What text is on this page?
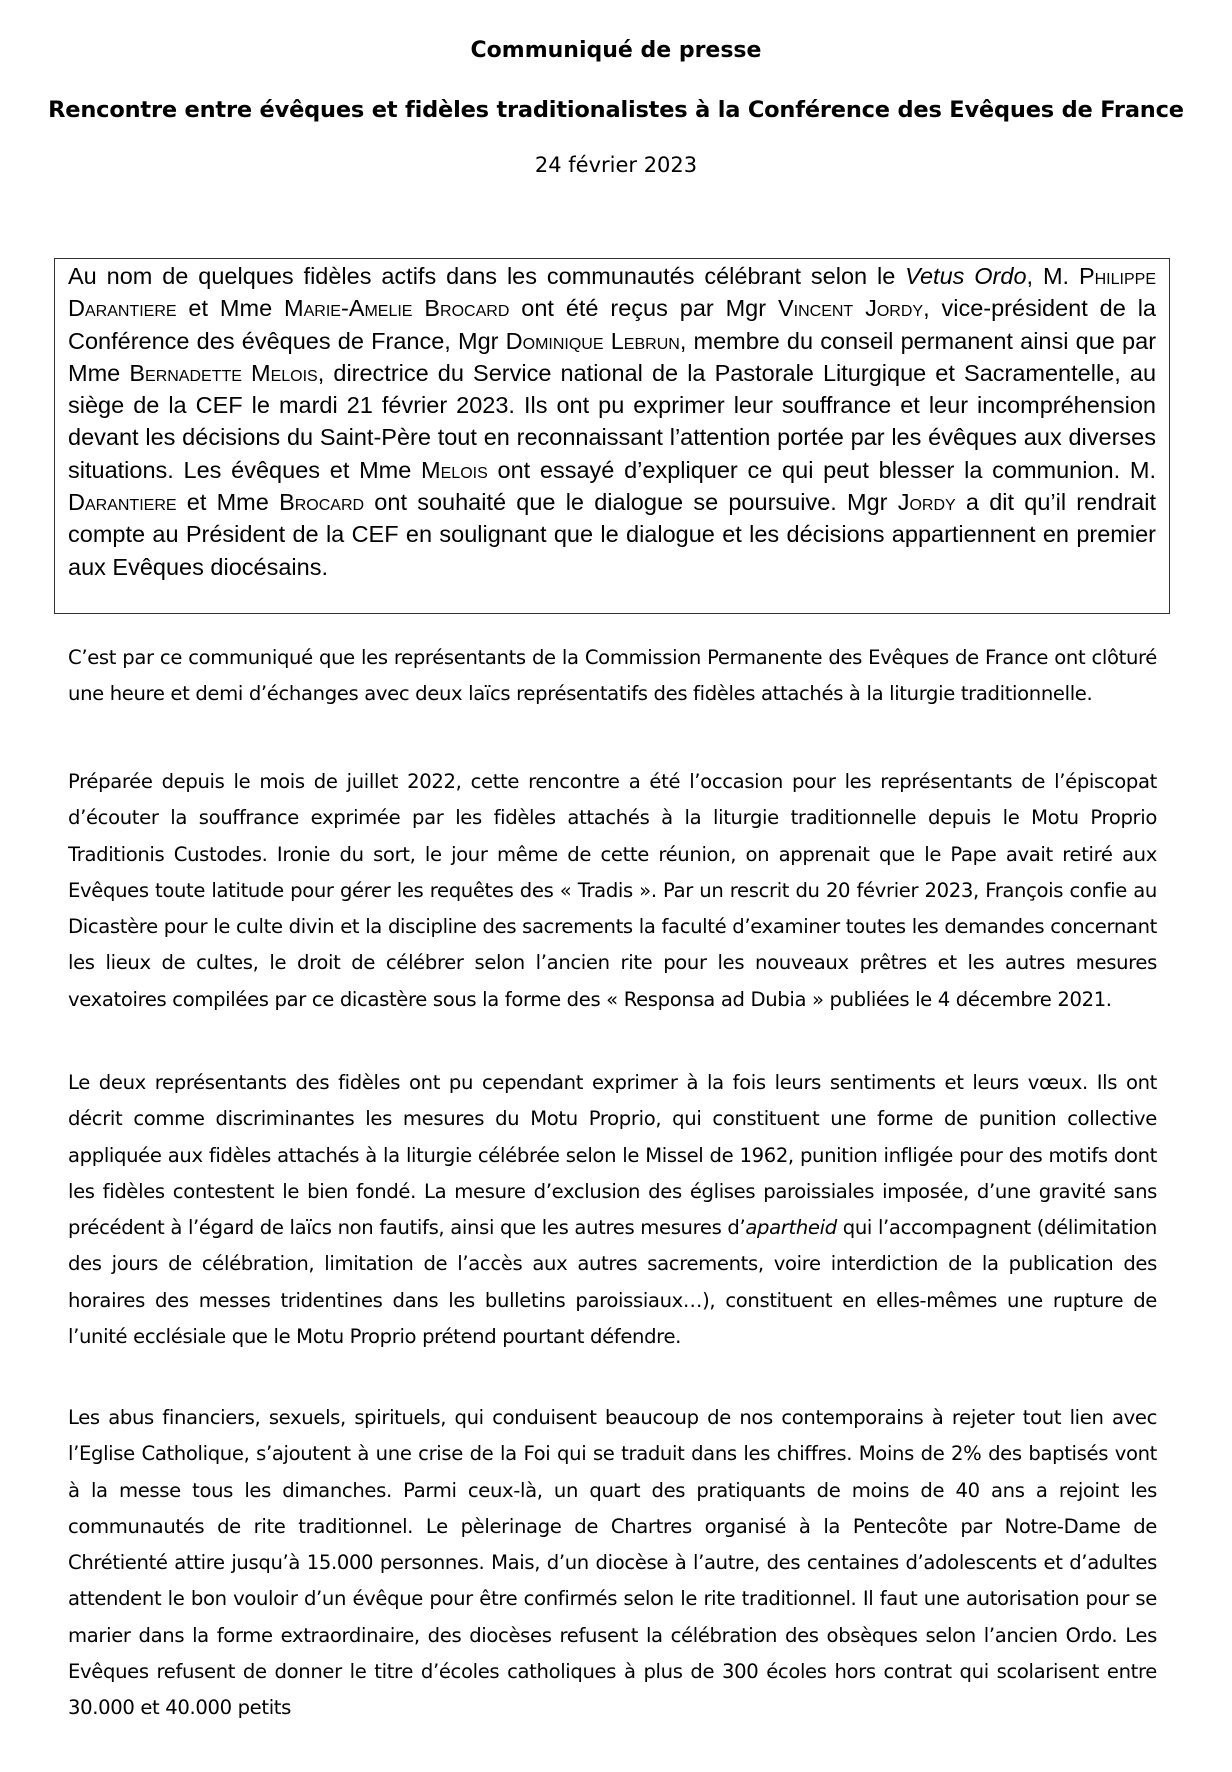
Communiqué de presse
Rencontre entre évêques et fidèles traditionalistes à la Conférence des Evêques de France

24 février 2023

Au nom de quelques fidèles actifs dans les communautés célébrant selon le Vetus Ordo, M. Philippe Darantiere et Mme Marie-Amelie Brocard ont été reçus par Mgr Vincent Jordy, vice-président de la Conférence des évêques de France, Mgr Dominique Lebrun, membre du conseil permanent ainsi que par Mme Bernadette Melois, directrice du Service national de la Pastorale Liturgique et Sacramentelle, au siège de la CEF le mardi 21 février 2023. Ils ont pu exprimer leur souffrance et leur incompréhension devant les décisions du Saint-Père tout en reconnaissant l’attention portée par les évêques aux diverses situations. Les évêques et Mme Melois ont essayé d’expliquer ce qui peut blesser la communion. M. Darantiere et Mme Brocard ont souhaité que le dialogue se poursuive. Mgr Jordy a dit qu’il rendrait compte au Président de la CEF en soulignant que le dialogue et les décisions appartiennent en premier aux Evêques diocésains.

C’est par ce communiqué que les représentants de la Commission Permanente des Evêques de France ont clôturé une heure et demi d’échanges avec deux laïcs représentatifs des fidèles attachés à la liturgie traditionnelle.

Préparée depuis le mois de juillet 2022, cette rencontre a été l’occasion pour les représentants de l’épiscopat d’écouter la souffrance exprimée par les fidèles attachés à la liturgie traditionnelle depuis le Motu Proprio Traditionis Custodes. Ironie du sort, le jour même de cette réunion, on apprenait que le Pape avait retiré aux Evêques toute latitude pour gérer les requêtes des « Tradis ». Par un rescrit du 20 février 2023, François confie au Dicastère pour le culte divin et la discipline des sacrements la faculté d’examiner toutes les demandes concernant les lieux de cultes, le droit de célébrer selon l’ancien rite pour les nouveaux prêtres et les autres mesures vexatoires compilées par ce dicastère sous la forme des « Responsa ad Dubia » publiées le 4 décembre 2021.

Le deux représentants des fidèles ont pu cependant exprimer à la fois leurs sentiments et leurs vœux. Ils ont décrit comme discriminantes les mesures du Motu Proprio, qui constituent une forme de punition collective appliquée aux fidèles attachés à la liturgie célébrée selon le Missel de 1962, punition infligée pour des motifs dont les fidèles contestent le bien fondé. La mesure d’exclusion des églises paroissiales imposée, d’une gravité sans précédent à l’égard de laïcs non fautifs, ainsi que les autres mesures d’apartheid qui l’accompagnent (délimitation des jours de célébration, limitation de l’accès aux autres sacrements, voire interdiction de la publication des horaires des messes tridentines dans les bulletins paroissiaux…), constituent en elles-mêmes une rupture de l’unité ecclésiale que le Motu Proprio prétend pourtant défendre.

Les abus financiers, sexuels, spirituels, qui conduisent beaucoup de nos contemporains à rejeter tout lien avec l’Eglise Catholique, s’ajoutent à une crise de la Foi qui se traduit dans les chiffres. Moins de 2% des baptisés vont à la messe tous les dimanches. Parmi ceux-là, un quart des pratiquants de moins de 40 ans a rejoint les communautés de rite traditionnel. Le pèlerinage de Chartres organisé à la Pentecôte par Notre-Dame de Chrétienté attire jusqu’à 15.000 personnes. Mais, d’un diocèse à l’autre, des centaines d’adolescents et d’adultes attendent le bon vouloir d’un évêque pour être confirmés selon le rite traditionnel. Il faut une autorisation pour se marier dans la forme extraordinaire, des diocèses refusent la célébration des obsèques selon l’ancien Ordo. Les Evêques refusent de donner le titre d’écoles catholiques à plus de 300 écoles hors contrat qui scolarisent entre 30.000 et 40.000 petits
